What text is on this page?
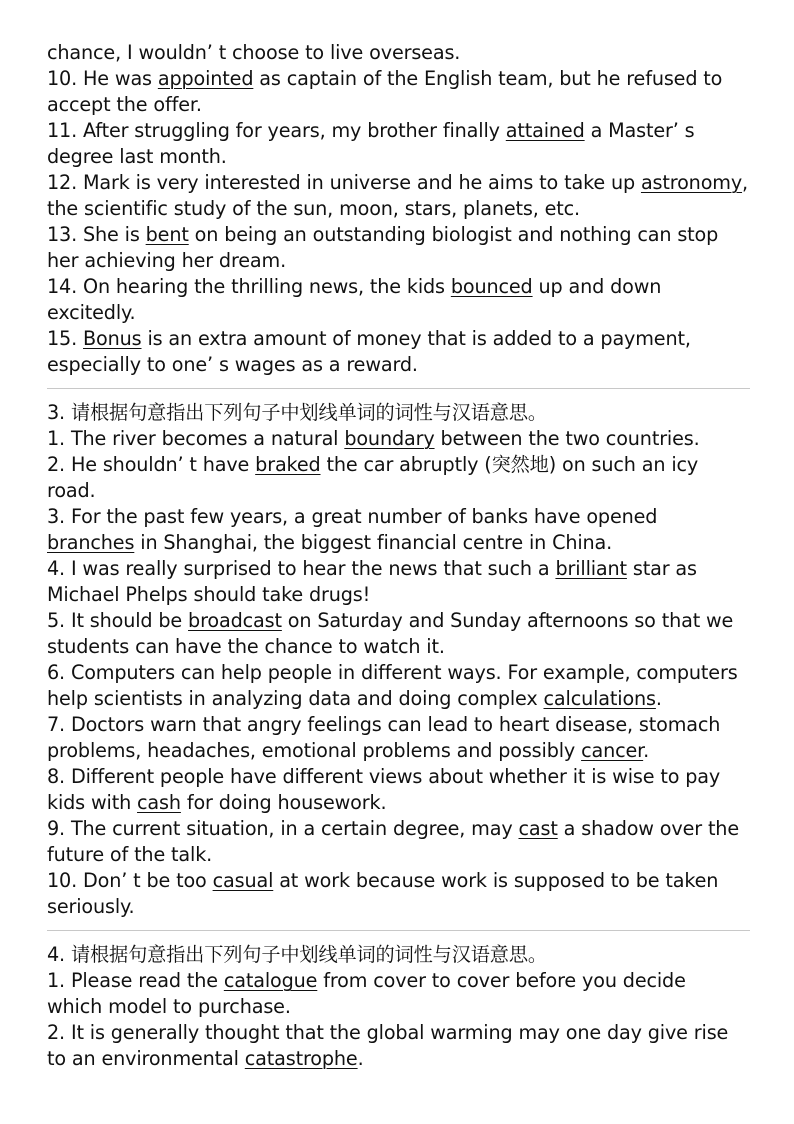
chance, I wouldn’ t choose to live overseas.
10. He was appointed as captain of the English team, but he refused to
accept the offer.
11. After struggling for years, my brother finally attained a Master’ s
degree last month.
12. Mark is very interested in universe and he aims to take up astronomy,
the scientific study of the sun, moon, stars, planets, etc.
13. She is bent on being an outstanding biologist and nothing can stop
her achieving her dream.
14. On hearing the thrilling news, the kids bounced up and down
excitedly.
15. Bonus is an extra amount of money that is added to a payment,
especially to one’ s wages as a reward.
3. 请根据句意指出下列句子中划线单词的词性与汉语意思。
1. The river becomes a natural boundary between the two countries.
2. He shouldn’ t have braked the car abruptly (突然地) on such an icy
road.
3. For the past few years, a great number of banks have opened
branches in Shanghai, the biggest financial centre in China.
4. I was really surprised to hear the news that such a brilliant star as
Michael Phelps should take drugs!
5. It should be broadcast on Saturday and Sunday afternoons so that we
students can have the chance to watch it.
6. Computers can help people in different ways. For example, computers
help scientists in analyzing data and doing complex calculations.
7. Doctors warn that angry feelings can lead to heart disease, stomach
problems, headaches, emotional problems and possibly cancer.
8. Different people have different views about whether it is wise to pay
kids with cash for doing housework.
9. The current situation, in a certain degree, may cast a shadow over the
future of the talk.
10. Don’ t be too casual at work because work is supposed to be taken
seriously.
4. 请根据句意指出下列句子中划线单词的词性与汉语意思。
1. Please read the catalogue from cover to cover before you decide
which model to purchase.
2. It is generally thought that the global warming may one day give rise
to an environmental catastrophe.
